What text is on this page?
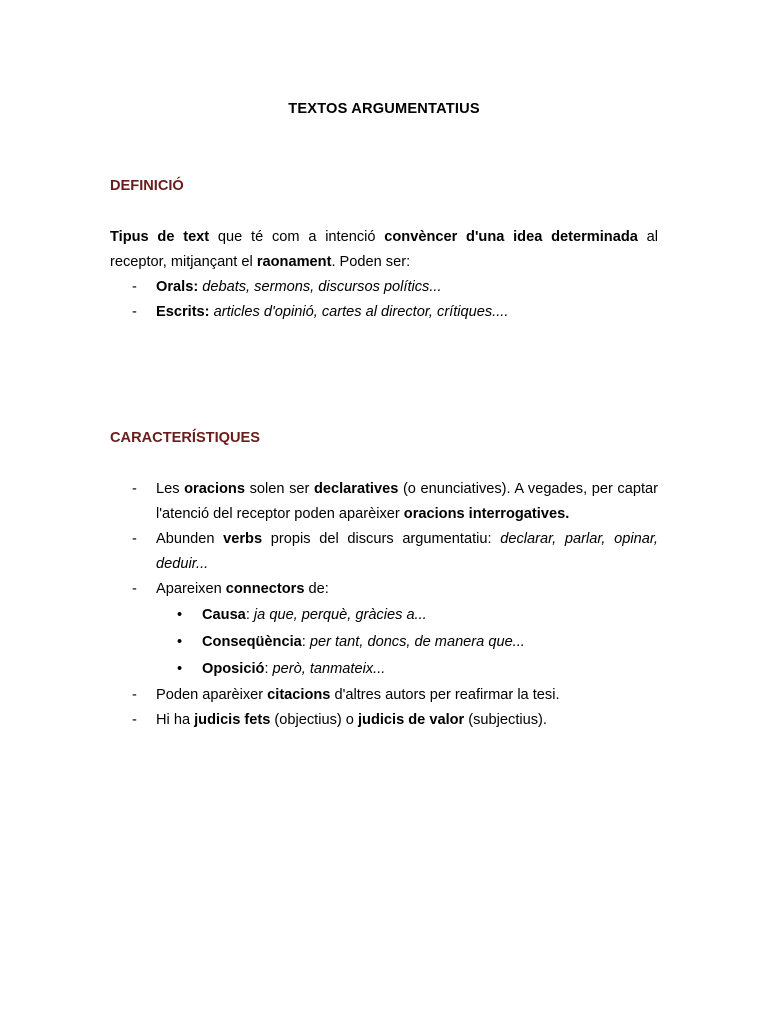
TEXTOS ARGUMENTATIUS
DEFINICIÓ
Tipus de text que té com a intenció convèncer d'una idea determinada al receptor, mitjançant el raonament. Poden ser:
- Orals: debats, sermons, discursos polítics...
- Escrits: articles d'opinió, cartes al director, crítiques....
CARACTERÍSTIQUES
- Les oracions solen ser declaratives (o enunciatives). A vegades, per captar l'atenció del receptor poden aparèixer oracions interrogatives.
- Abunden verbs propis del discurs argumentatiu: declarar, parlar, opinar, deduir...
- Apareixen connectors de:
• Causa: ja que, perquè, gràcies a...
• Conseqüència: per tant, doncs, de manera que...
• Oposició: però, tanmateix...
- Poden aparèixer citacions d'altres autors per reafirmar la tesi.
- Hi ha judicis fets (objectius) o judicis de valor (subjectius).
